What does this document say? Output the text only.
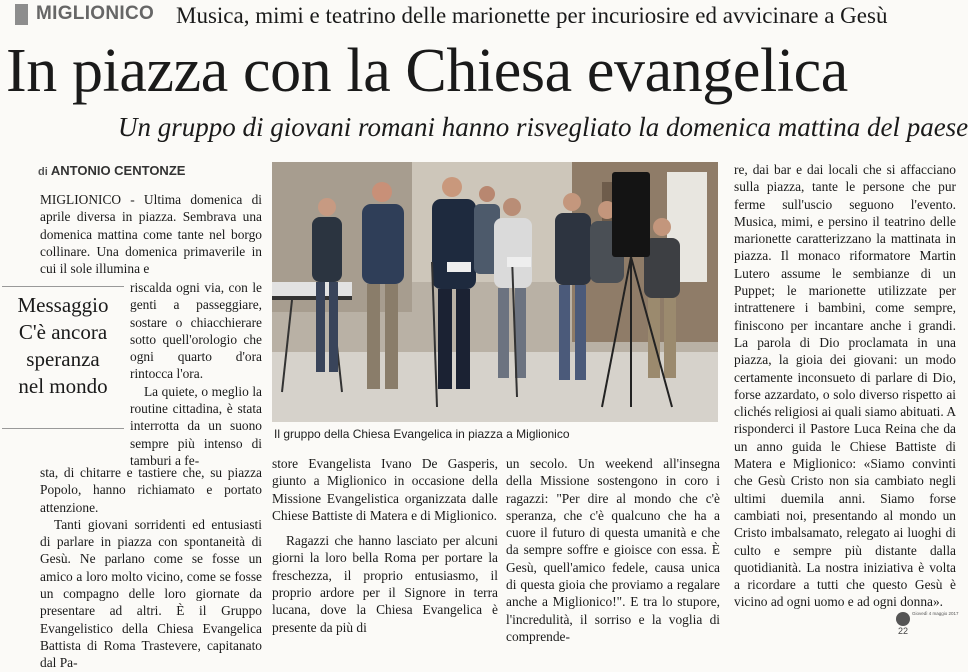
MIGLIONICO Musica, mimi e teatrino delle marionette per incuriosire ed avvicinare a Gesù
In piazza con la Chiesa evangelica
Un gruppo di giovani romani hanno risvegliato la domenica mattina del paese
di ANTONIO CENTONZE

MIGLIONICO - Ultima domenica di aprile diversa in piazza. Sembrava una domenica mattina come tante nel borgo collinare. Una domenica primaverile in cui il sole illumina e

riscalda ogni via, con le genti a passeggiare, sostare o chiacchierare sotto quell'orologio che ogni quarto d'ora rintocca l'ora.

La quiete, o meglio la routine cittadina, è stata interrotta da un suono sempre più intenso di tamburi a fe-

sta, di chitarre e tastiere che, su piazza Popolo, hanno richiamato e portato attenzione.

Tanti giovani sorridenti ed entusiasti di parlare in piazza con spontaneità di Gesù. Ne parlano come se fosse un amico a loro molto vicino, come se fosse un compagno delle loro giornate da presentare ad altri. È il Gruppo Evangelistico della Chiesa Evangelica Battista di Roma Trastevere, capitanato dal Pa-

Messaggio
C'è ancora
speranza
nel mondo
Il gruppo della Chiesa Evangelica in piazza a Miglionico

store Evangelista Ivano De Gasperis, giunto a Miglionico in occasione della Missione Evangelistica organizzata dalle Chiese Battiste di Matera e di Miglionico.

Ragazzi che hanno lasciato per alcuni giorni la loro bella Roma per portare la freschezza, il proprio entusiasmo, il proprio ardore per il Signore in terra lucana, dove la Chiesa Evangelica è presente da più di

un secolo. Un weekend all'insegna della Missione sostengono in coro i ragazzi: "Per dire al mondo che c'è speranza, che c'è qualcuno che ha a cuore il futuro di questa umanità e che da sempre soffre e gioisce con essa. È Gesù, quell'amico fedele, causa unica di questa gioia che proviamo a regalare anche a Miglionico!". E tra lo stupore, l'incredulità, il sorriso e la voglia di comprende-

re, dai bar e dai locali che si affacciano sulla piazza, tante le persone che pur ferme sull'uscio seguono l'evento. Musica, mimi, e persino il teatrino delle marionette caratterizzano la mattinata in piazza. Il monaco riformatore Martin Lutero assume le sembianze di un Puppet; le marionette utilizzate per intrattenere i bambini, come sempre, finiscono per incantare anche i grandi. La parola di Dio proclamata in una piazza, la gioia dei giovani: un modo certamente inconsueto di parlare di Dio, forse azzardato, o solo diverso rispetto ai clichés religiosi ai quali siamo abituati. A risponderci il Pastore Luca Reina che da un anno guida le Chiese Battiste di Matera e Miglionico: «Siamo convinti che Gesù Cristo non sia cambiato negli ultimi duemila anni. Siamo forse cambiati noi, presentando al mondo un Cristo imbalsamato, relegato ai luoghi di culto e sempre più distante dalla quotidianità. La nostra iniziativa è volta a ricordare a tutti che questo Gesù è vicino ad ogni uomo e ad ogni donna».

Giovedì 4 maggio 2017
22
